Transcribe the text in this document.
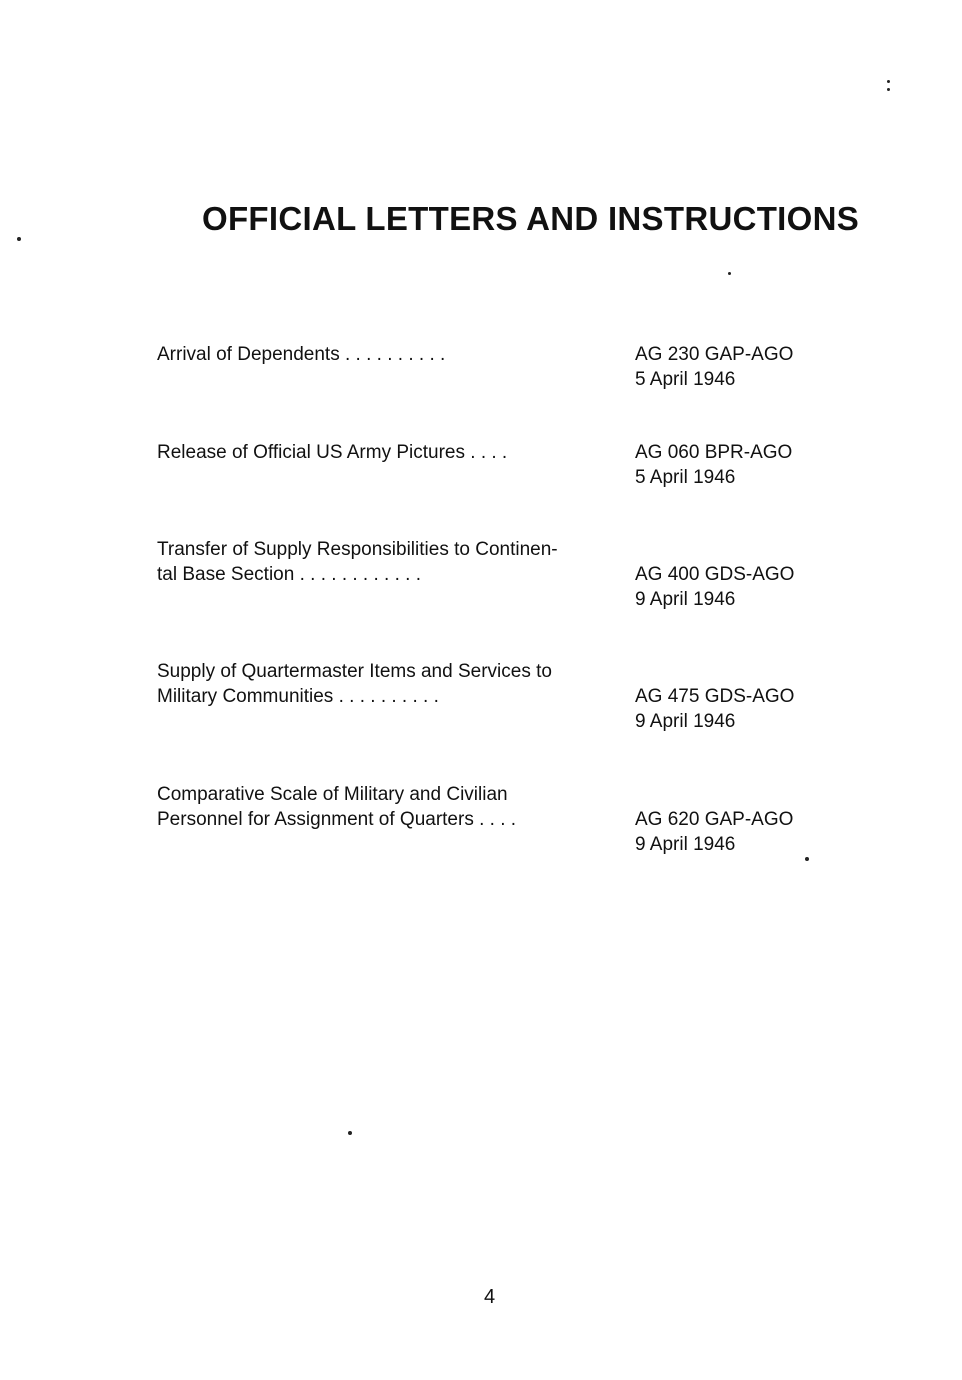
OFFICIAL LETTERS AND INSTRUCTIONS
Arrival of Dependents . . . . . . . . . .	AG 230 GAP-AGO
5 April 1946
Release of Official US Army Pictures . . . .	AG 060 BPR-AGO
5 April 1946
Transfer of Supply Responsibilities to Continen-
tal Base Section . . . . . . . . . . . .	AG 400 GDS-AGO
9 April 1946
Supply of Quartermaster Items and Services to
Military Communities . . . . . . . . . .	AG 475 GDS-AGO
9 April 1946
Comparative Scale of Military and Civilian
Personnel for Assignment of Quarters . . . .	AG 620 GAP-AGO
9 April 1946
4
